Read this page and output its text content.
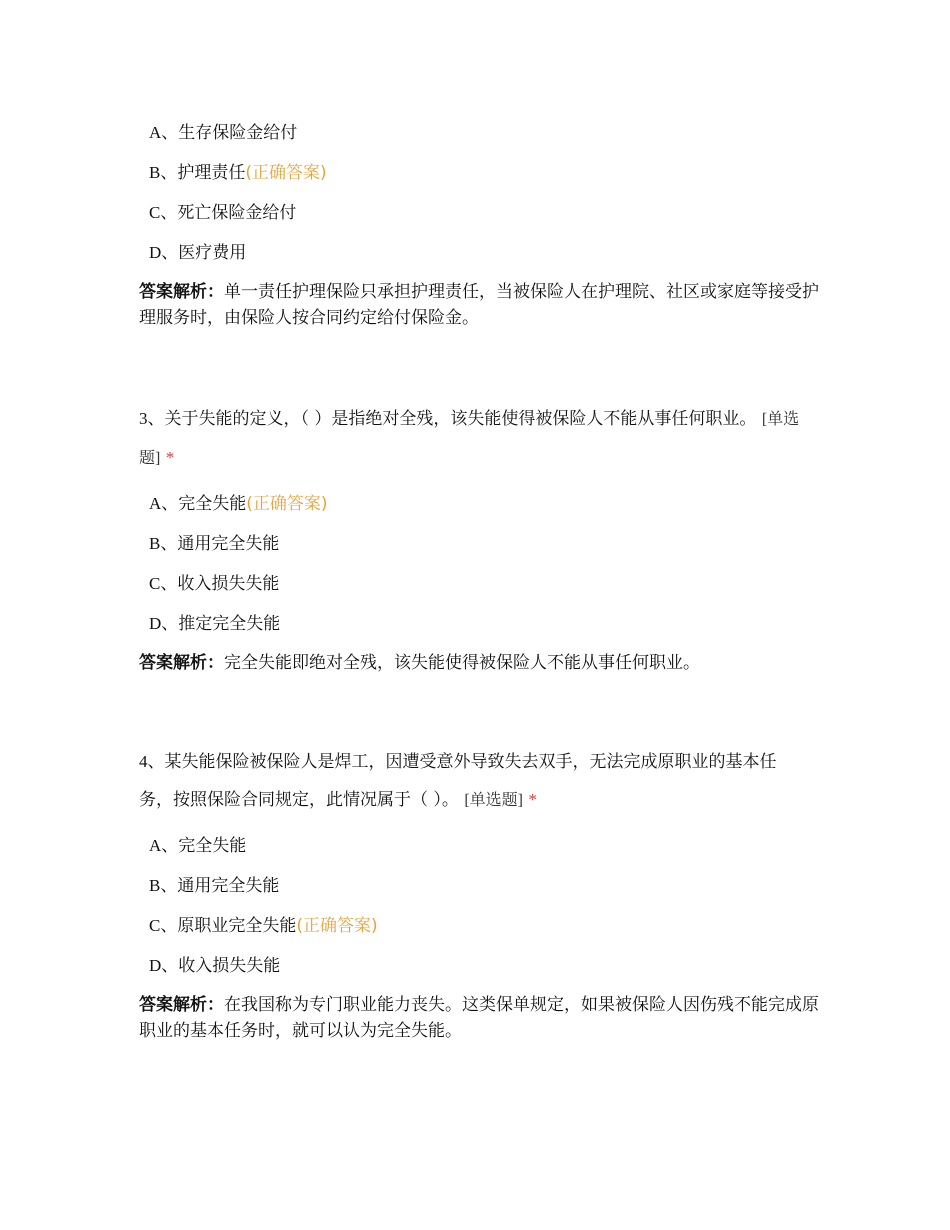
A、生存保险金给付
B、护理责任(正确答案)
C、死亡保险金给付
D、医疗费用
答案解析：单一责任护理保险只承担护理责任，当被保险人在护理院、社区或家庭等接受护理服务时，由保险人按合同约定给付保险金。
3、关于失能的定义，（ ）是指绝对全残，该失能使得被保险人不能从事任何职业。 [单选题] *
A、完全失能(正确答案)
B、通用完全失能
C、收入损失失能
D、推定完全失能
答案解析：完全失能即绝对全残，该失能使得被保险人不能从事任何职业。
4、某失能保险被保险人是焊工，因遭受意外导致失去双手，无法完成原职业的基本任务，按照保险合同规定，此情况属于（ ）。 [单选题] *
A、完全失能
B、通用完全失能
C、原职业完全失能(正确答案)
D、收入损失失能
答案解析：在我国称为专门职业能力丧失。这类保单规定，如果被保险人因伤残不能完成原职业的基本任务时，就可以认为完全失能。
